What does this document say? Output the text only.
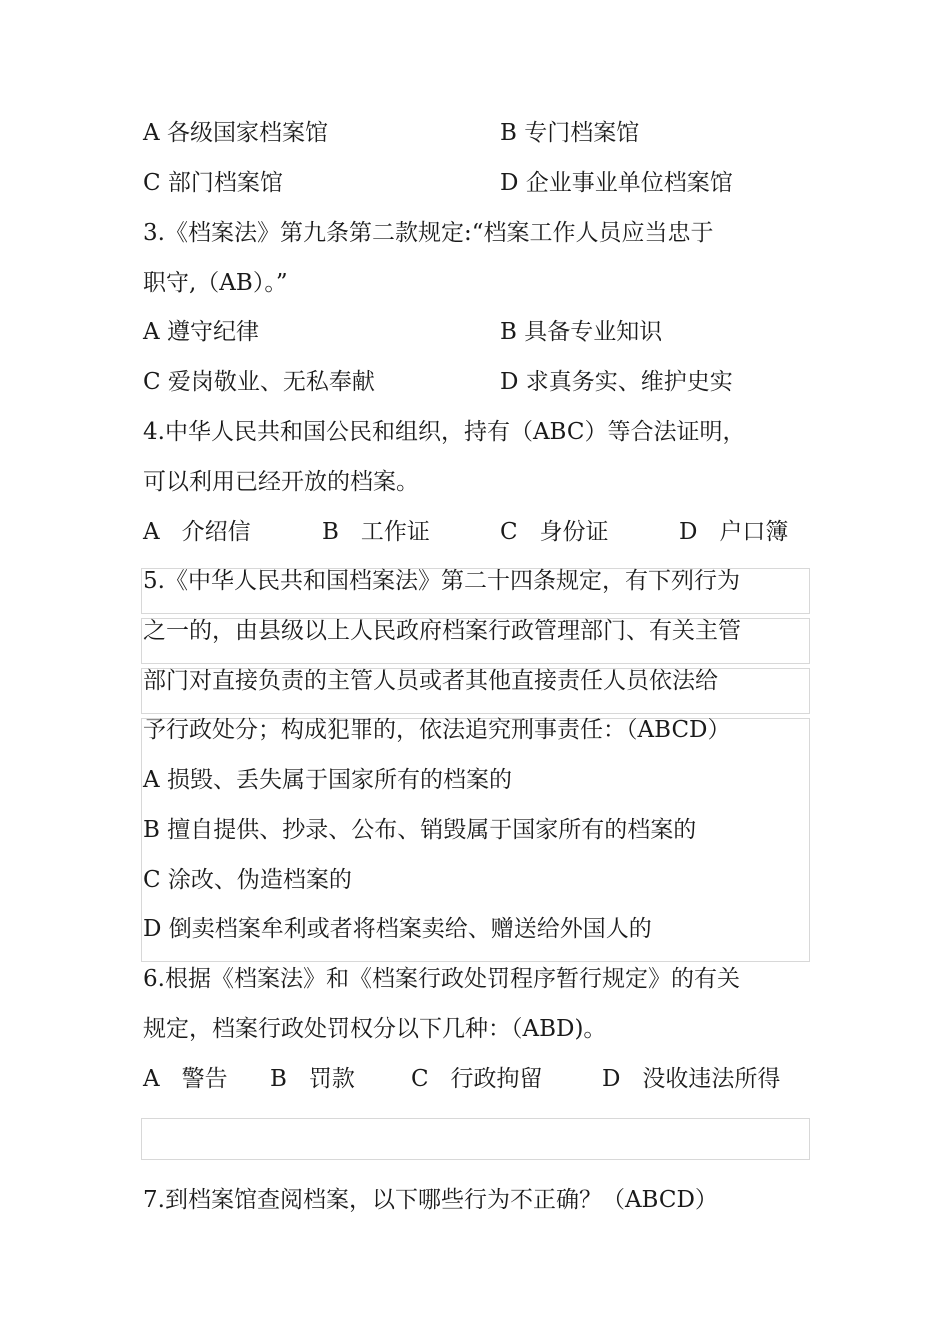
A 各级国家档案馆	B 专门档案馆
C 部门档案馆	D 企业事业单位档案馆
3.《档案法》第九条第二款规定:“档案工作人员应当忠于
职守,（AB）。”
A 遵守纪律	B 具备专业知识
C 爱岗敬业、无私奉献	D 求真务实、维护史实
4.中华人民共和国公民和组织，持有（ABC）等合法证明，
可以利用已经开放的档案。
A 介绍信	B 工作证	C 身份证	D 户口簿
5.《中华人民共和国档案法》第二十四条规定，有下列行为
之一的，由县级以上人民政府档案行政管理部门、有关主管
部门对直接负责的主管人员或者其他直接责任人员依法给
予行政处分；构成犯罪的，依法追究刑事责任：（ABCD）
A 损毁、丢失属于国家所有的档案的
B 擅自提供、抄录、公布、销毁属于国家所有的档案的
C 涂改、伪造档案的
D 倒卖档案牟利或者将档案卖给、赠送给外国人的
6.根据《档案法》和《档案行政处罚程序暂行规定》的有关
规定，档案行政处罚权分以下几种：（ABD)。
A 警告 B 罚款 C 行政拘留	D 没收违法所得
7.到档案馆查阅档案，以下哪些行为不正确？（ABCD）
